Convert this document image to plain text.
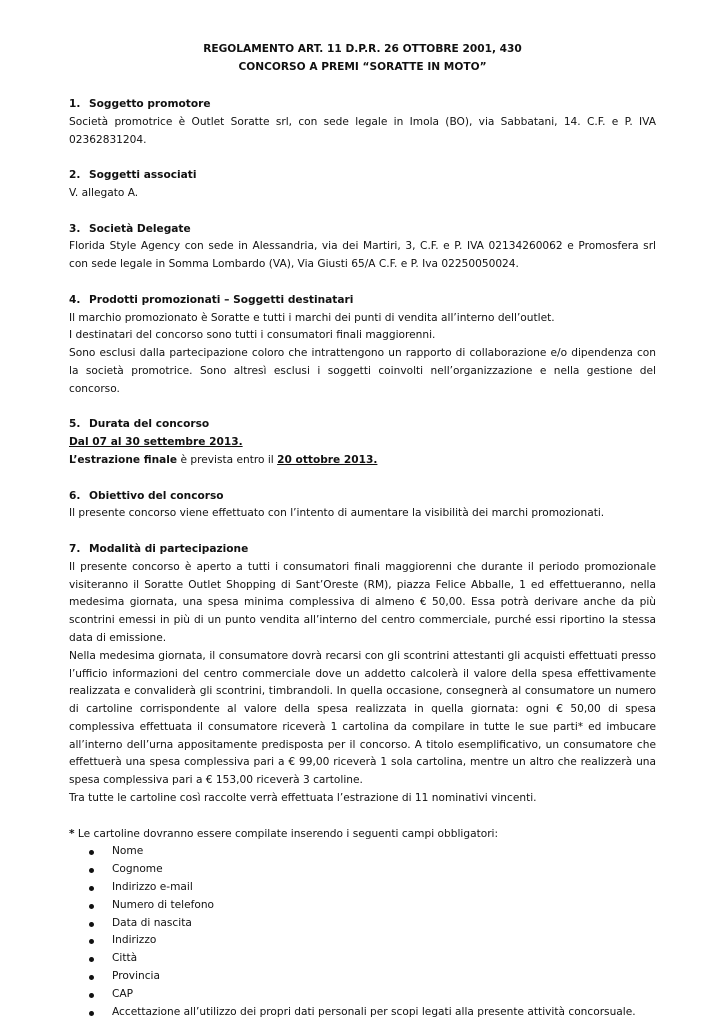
REGOLAMENTO ART. 11 D.P.R. 26 OTTOBRE 2001, 430

CONCORSO A PREMI “SORATTE IN MOTO”

1. Soggetto promotore

Società promotrice è Outlet Soratte srl, con sede legale in Imola (BO), via Sabbatani, 14. C.F. e P. IVA 02362831204.

2. Soggetti associati

V. allegato A.

3. Società Delegate

Florida Style Agency con sede in Alessandria, via dei Martiri, 3, C.F. e P. IVA 02134260062 e Promosfera srl con sede legale in Somma Lombardo (VA), Via Giusti 65/A C.F. e P. Iva 02250050024.

4. Prodotti promozionati – Soggetti destinatari

Il marchio promozionato è Soratte e tutti i marchi dei punti di vendita all’interno dell’outlet.

I destinatari del concorso sono tutti i consumatori finali maggiorenni.

Sono esclusi dalla partecipazione coloro che intrattengono un rapporto di collaborazione e/o dipendenza con la società promotrice. Sono altresì esclusi i soggetti coinvolti nell’organizzazione e nella gestione del concorso.

5. Durata del concorso

Dal 07 al 30 settembre 2013.

L’estrazione finale è prevista entro il 20 ottobre 2013.

6. Obiettivo del concorso

Il presente concorso viene effettuato con l’intento di aumentare la visibilità dei marchi promozionati.

7. Modalità di partecipazione

Il presente concorso è aperto a tutti i consumatori finali maggiorenni che durante il periodo promozionale visiteranno il Soratte Outlet Shopping di Sant’Oreste (RM), piazza Felice Abballe, 1 ed effettueranno, nella medesima giornata, una spesa minima complessiva di almeno € 50,00. Essa potrà derivare anche da più scontrini emessi in più di un punto vendita all’interno del centro commerciale, purché essi riportino la stessa data di emissione.

Nella medesima giornata, il consumatore dovrà recarsi con gli scontrini attestanti gli acquisti effettuati presso l’ufficio informazioni del centro commerciale dove un addetto calcolerà il valore della spesa effettivamente realizzata e convaliderà gli scontrini, timbrandoli. In quella occasione, consegnerà al consumatore un numero di cartoline corrispondente al valore della spesa realizzata in quella giornata: ogni € 50,00 di spesa complessiva effettuata il consumatore riceverà 1 cartolina da compilare in tutte le sue parti* ed imbucare all’interno dell’urna appositamente predisposta per il concorso. A titolo esemplificativo, un consumatore che effettuerà una spesa complessiva pari a € 99,00 riceverà 1 sola cartolina, mentre un altro che realizzerà una spesa complessiva pari a € 153,00 riceverà 3 cartoline.

Tra tutte le cartoline così raccolte verrà effettuata l’estrazione di 11 nominativi vincenti.

* Le cartoline dovranno essere compilate inserendo i seguenti campi obbligatori:

Nome
Cognome
Indirizzo e-mail
Numero di telefono
Data di nascita
Indirizzo
Città
Provincia
CAP
Accettazione all’utilizzo dei propri dati personali per scopi legati alla presente attività concorsuale.
